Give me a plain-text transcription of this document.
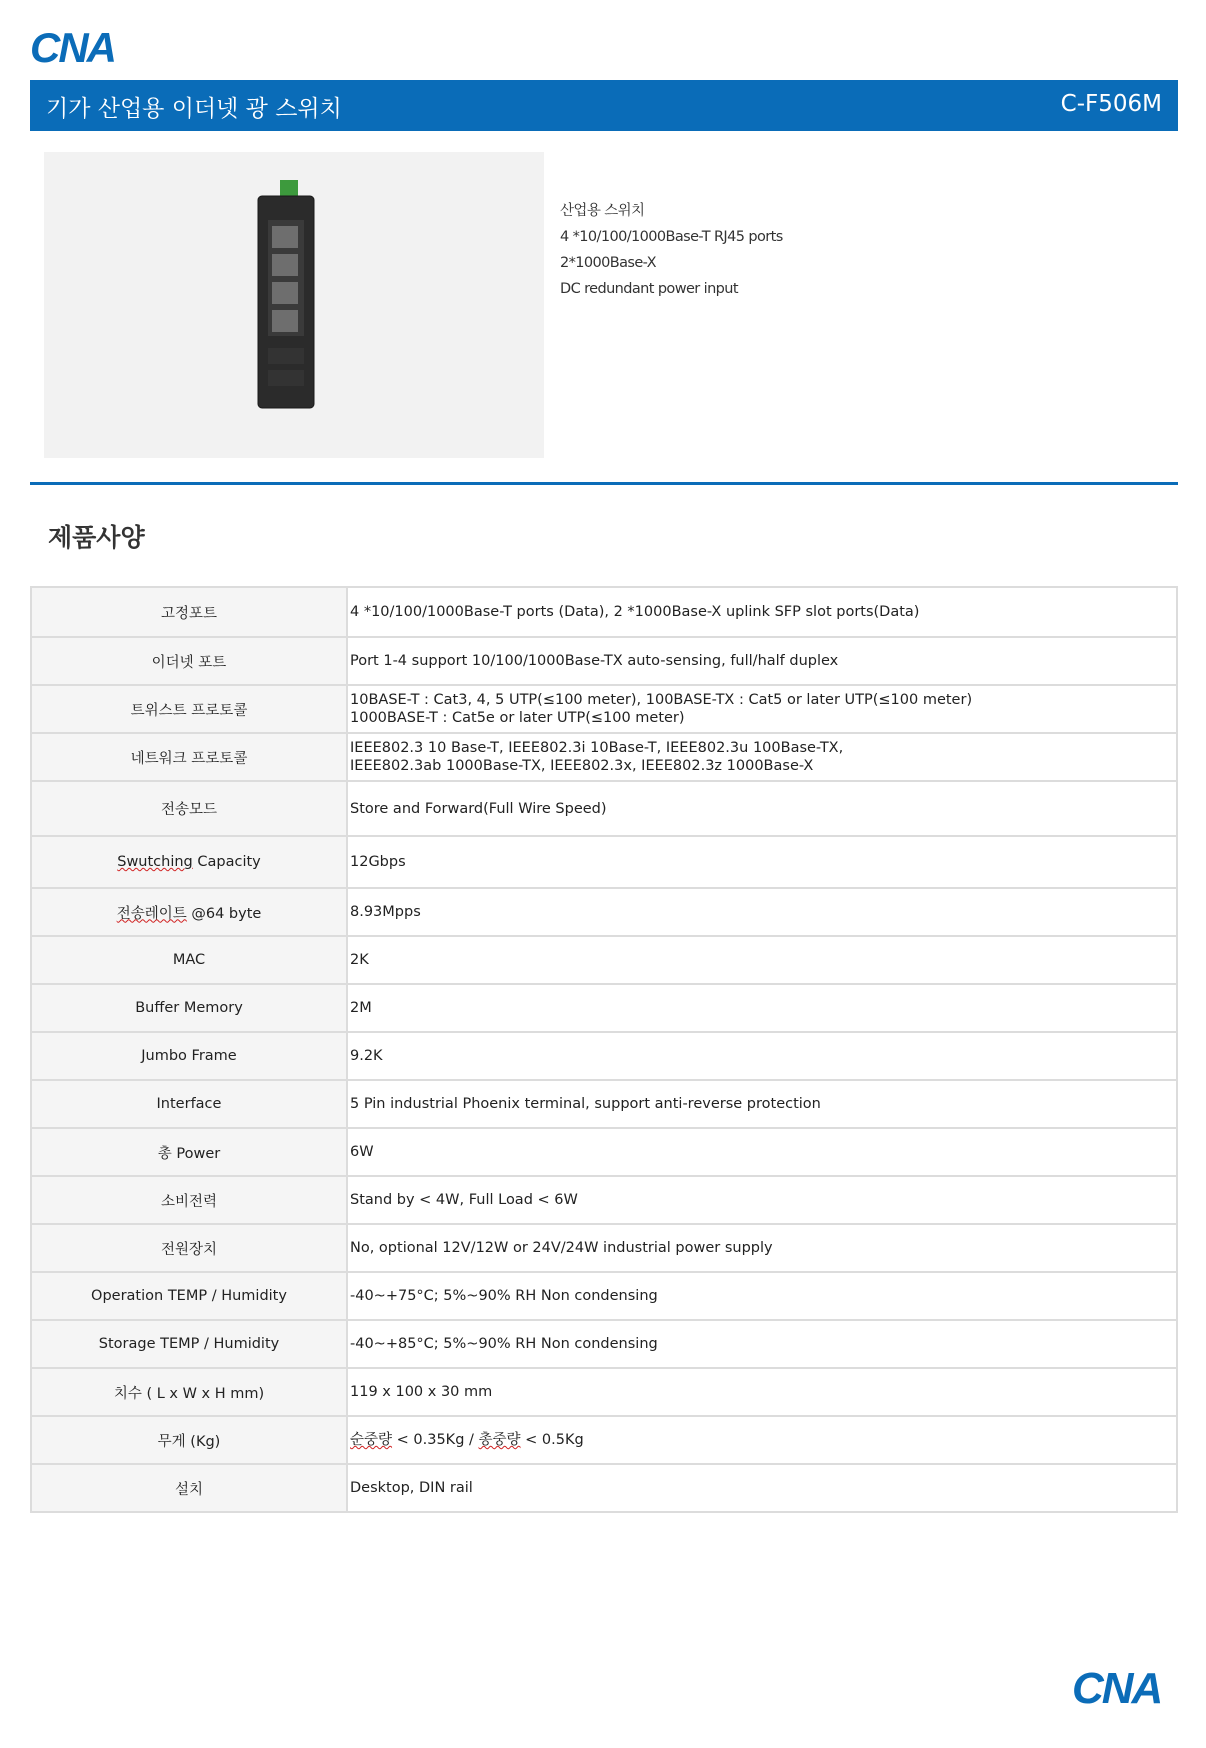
CNA
기가 산업용 이더넷 광 스위치	C-F506M
산업용 스위치
4 *10/100/1000Base-T RJ45 ports
2*1000Base-X
DC redundant power input
제품사양
고정포트	4 *10/100/1000Base-T ports (Data), 2 *1000Base-X uplink SFP slot ports(Data)
이더넷 포트	Port 1-4 support 10/100/1000Base-TX auto-sensing, full/half duplex
트위스트 프로토콜	10BASE-T : Cat3, 4, 5 UTP(≤100 meter), 100BASE-TX : Cat5 or later UTP(≤100 meter)
1000BASE-T : Cat5e or later UTP(≤100 meter)

네트워크 프로토콜	IEEE802.3 10 Base-T, IEEE802.3i 10Base-T, IEEE802.3u 100Base-TX,
IEEE802.3ab 1000Base-TX, IEEE802.3x, IEEE802.3z 1000Base-X

전송모드	Store and Forward(Full Wire Speed)
Swutching Capacity	12Gbps
전송레이트 @64 byte	8.93Mpps
MAC	2K
Buffer Memory	2M
Jumbo Frame	9.2K
Interface	5 Pin industrial Phoenix terminal, support anti-reverse protection
총 Power	6W
소비전력	Stand by < 4W, Full Load < 6W
전원장치	No, optional 12V/12W or 24V/24W industrial power supply
Operation TEMP / Humidity	-40~+75°C; 5%~90% RH Non condensing
Storage TEMP / Humidity	-40~+85°C; 5%~90% RH Non condensing
치수 ( L x W x H mm)	119 x 100 x 30 mm
무게 (Kg)	순중량 < 0.35Kg / 총중량 < 0.5Kg
설치	Desktop, DIN rail
CNA
